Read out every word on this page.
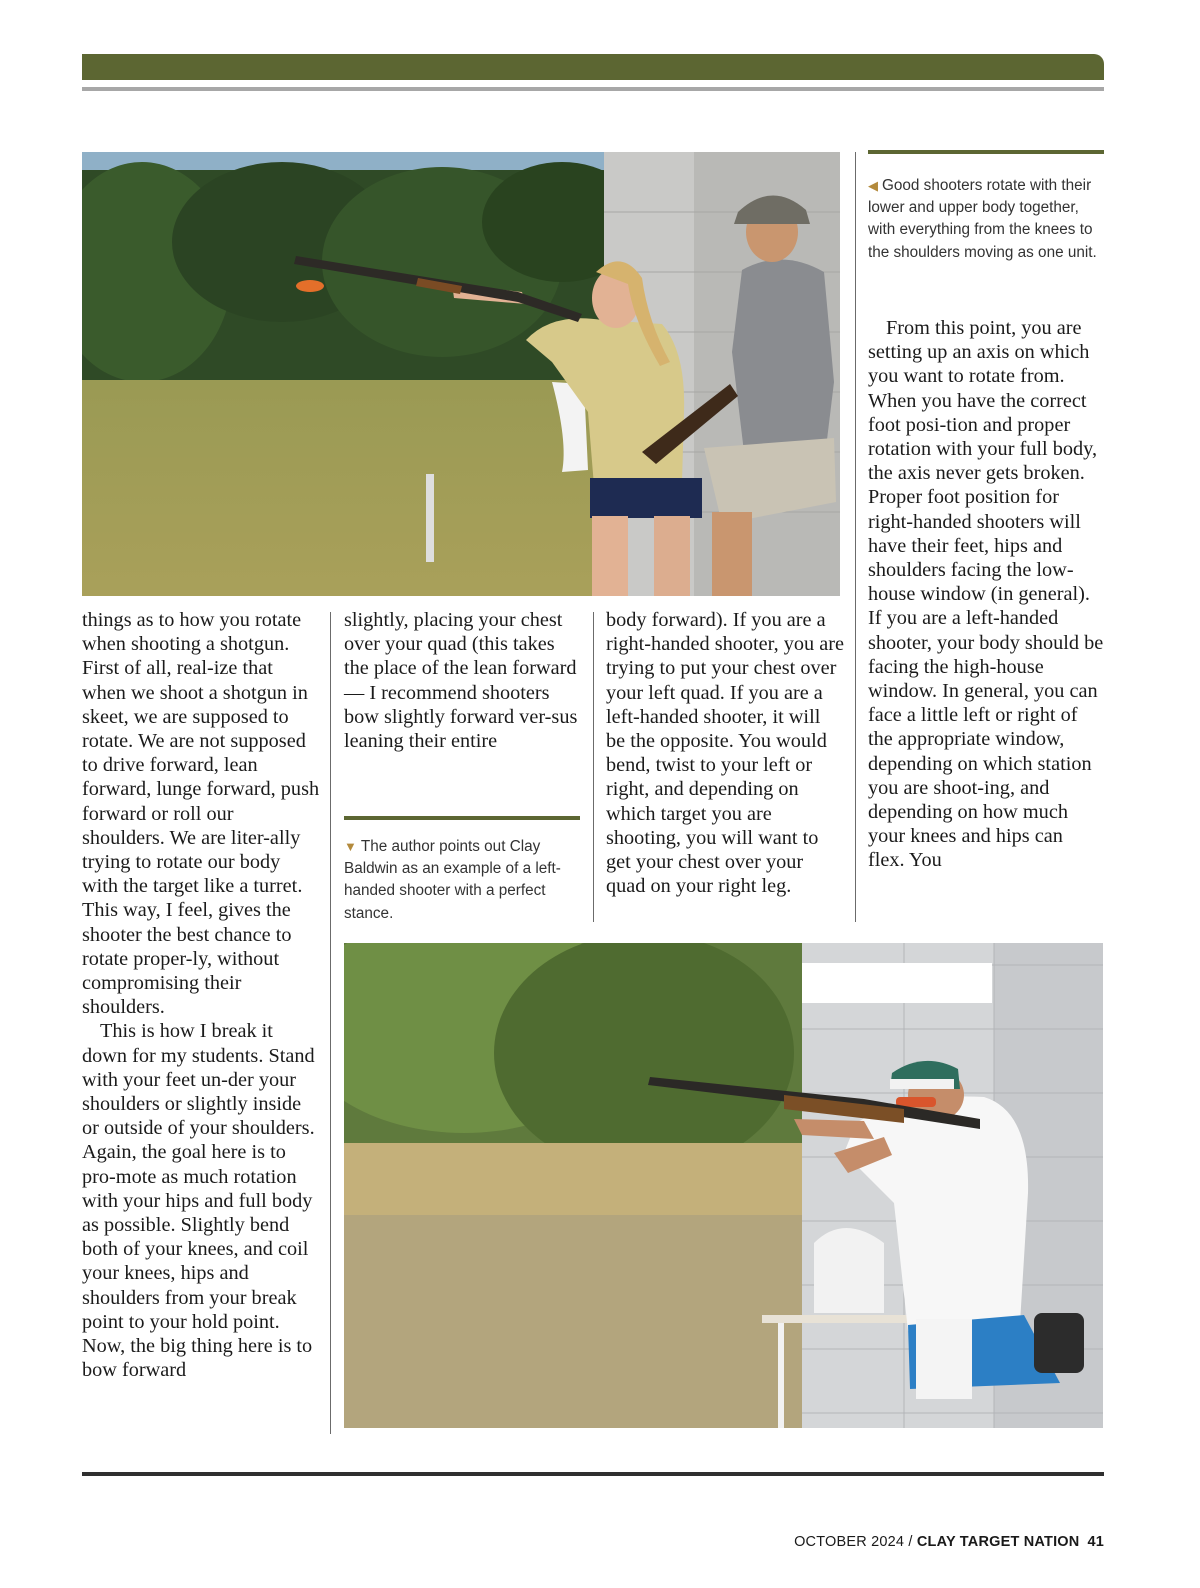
◀ Good shooters rotate with their lower and upper body together, with everything from the knees to the shoulders moving as one unit.

things as to how you rotate when shooting a shotgun. First of all, real-ize that when we shoot a shotgun in skeet, we are supposed to rotate. We are not supposed to drive forward, lean forward, lunge forward, push forward or roll our shoulders. We are liter-ally trying to rotate our body with the target like a turret. This way, I feel, gives the shooter the best chance to rotate proper-ly, without compromising their shoulders.

This is how I break it down for my students. Stand with your feet un-der your shoulders or slightly inside or outside of your shoulders. Again, the goal here is to pro-mote as much rotation with your hips and full body as possible. Slightly bend both of your knees, and coil your knees, hips and shoulders from your break point to your hold point. Now, the big thing here is to bow forward

slightly, placing your chest over your quad (this takes the place of the lean forward — I recommend shooters bow slightly forward ver-sus leaning their entire

body forward). If you are a right-handed shooter, you are trying to put your chest over your left quad. If you are a left-handed shooter, it will be the opposite. You would bend, twist to your left or right, and depending on which target you are shooting, you will want to get your chest over your quad on your right leg.

From this point, you are setting up an axis on which you want to rotate from. When you have the correct foot posi-tion and proper rotation with your full body, the axis never gets broken. Proper foot position for right-handed shooters will have their feet, hips and shoulders facing the low-house window (in general). If you are a left-handed shooter, your body should be facing the high-house window. In general, you can face a little left or right of the appropriate window, depending on which station you are shoot-ing, and depending on how much your knees and hips can flex. You

▼ The author points out Clay Baldwin as an example of a left-handed shooter with a perfect stance.
OCTOBER 2024 / CLAY TARGET NATION 41
